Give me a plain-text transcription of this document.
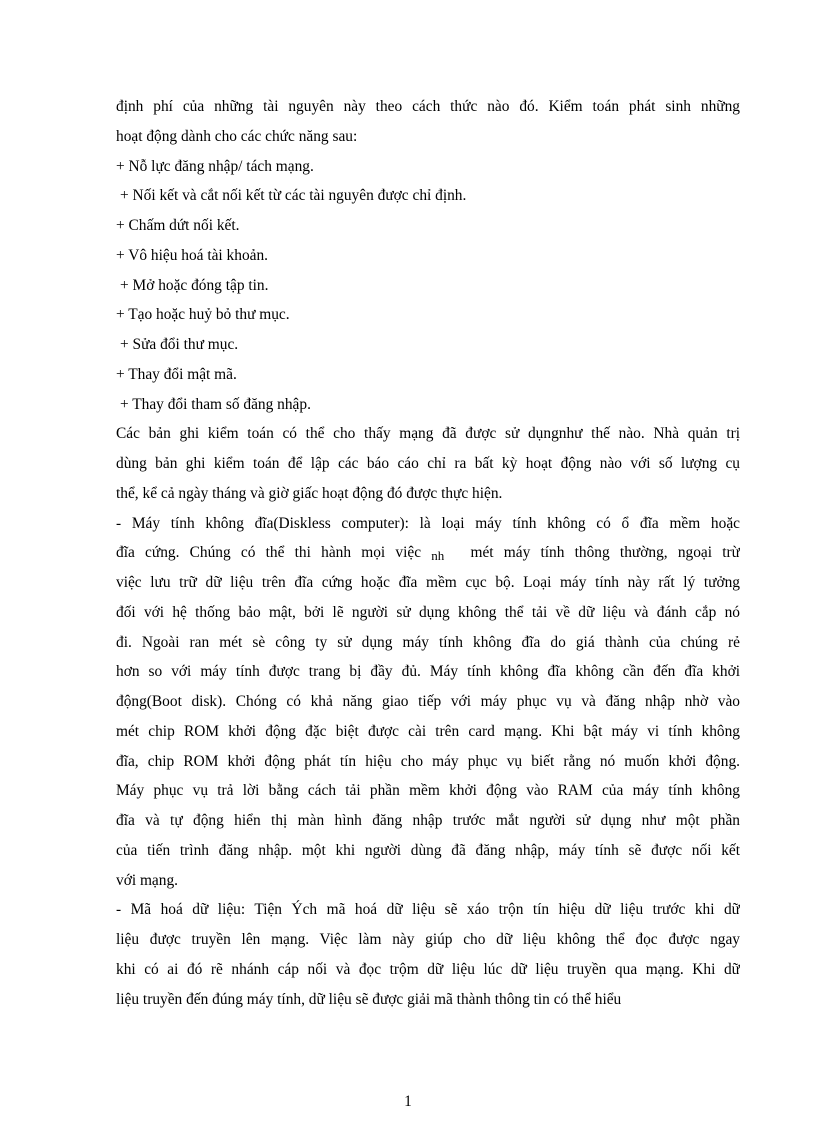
định phí của những tài nguyên này theo cách thức nào đó. Kiểm toán phát sinh những
hoạt động dành cho các chức năng sau:
+ Nỗ lực đăng nhập/ tách mạng.
+ Nối kết và cắt nối kết từ các tài nguyên được chỉ định.
+ Chấm dứt nối kết.
+ Vô hiệu hoá tài khoản.
+ Mở hoặc đóng tập tin.
+ Tạo hoặc huỷ bỏ thư mục.
+ Sửa đổi thư mục.
+ Thay đổi mật mã.
+ Thay đổi tham số đăng nhập.
Các bản ghi kiểm toán có thể cho thấy mạng đã được sử dụngnhư thế nào. Nhà quản trị
dùng bản ghi kiểm toán để lập các báo cáo chỉ ra bất kỳ hoạt động nào với số lượng cụ
thể, kể cả ngày tháng và giờ giấc hoạt động đó được thực hiện.
- Máy tính không đĩa(Diskless computer): là loại máy tính không có ổ đĩa mềm hoặc
đĩa cứng. Chúng có thể thi hành mọi việc nh mét máy tính thông thường, ngoại trừ
việc lưu trữ dữ liệu trên đĩa cứng hoặc đĩa mềm cục bộ. Loại máy tính này rất lý tưởng
đối với hệ thống bảo mật, bởi lẽ người sử dụng không thể tải về dữ liệu và đánh cắp nó
đi. Ngoài ran mét sè công ty sử dụng máy tính không đĩa do giá thành của chúng rẻ
hơn so với máy tính được trang bị đầy đủ. Máy tính không đĩa không cần đến đĩa khởi
động(Boot disk). Chóng có khả năng giao tiếp với máy phục vụ và đăng nhập nhờ vào
mét chip ROM khởi động đặc biệt được cài trên card mạng. Khi bật máy vi tính không
đĩa, chip ROM khởi động phát tín hiệu cho máy phục vụ biết rằng nó muốn khởi động.
Máy phục vụ trả lời bằng cách tải phần mềm khởi động vào RAM của máy tính không
đĩa và tự động hiển thị màn hình đăng nhập trước mắt người sử dụng như một phần
của tiến trình đăng nhập. một khi người dùng đã đăng nhập, máy tính sẽ được nối kết
với mạng.
- Mã hoá dữ liệu: Tiện Ých mã hoá dữ liệu sẽ xáo trộn tín hiệu dữ liệu trước khi dữ
liệu được truyền lên mạng. Việc làm này giúp cho dữ liệu không thể đọc được ngay
khi có ai đó rẽ nhánh cáp nối và đọc trộm dữ liệu lúc dữ liệu truyền qua mạng. Khi dữ
liệu truyền đến đúng máy tính, dữ liệu sẽ được giải mã thành thông tin có thể hiểu
1
